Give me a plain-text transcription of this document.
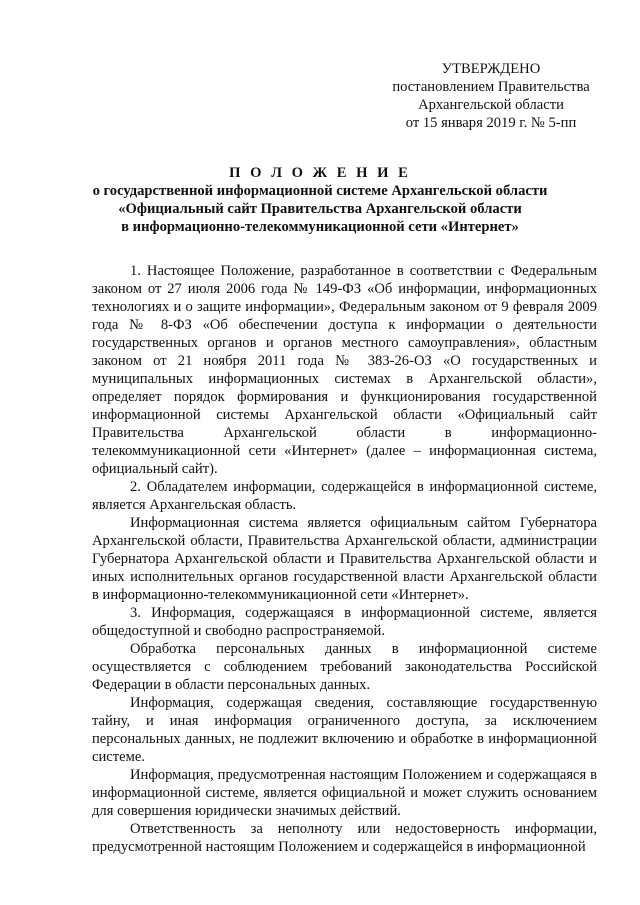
УТВЕРЖДЕНО
постановлением Правительства
Архангельской области
от 15 января 2019 г. № 5-пп
П О Л О Ж Е Н И Е
о государственной информационной системе Архангельской области
«Официальный сайт Правительства Архангельской области
в информационно-телекоммуникационной сети «Интернет»

1. Настоящее Положение, разработанное в соответствии с Федеральным законом от 27 июля 2006 года № 149-ФЗ «Об информации, информационных технологиях и о защите информации», Федеральным законом от 9 февраля 2009 года № 8-ФЗ «Об обеспечении доступа к информации о деятельности государственных органов и органов местного самоуправления», областным законом от 21 ноября 2011 года № 383-26-ОЗ «О государственных и муниципальных информационных системах в Архангельской области», определяет порядок формирования и функционирования государственной информационной системы Архангельской области «Официальный сайт Правительства Архангельской области в информационно-телекоммуникационной сети «Интернет» (далее – информационная система, официальный сайт).

2. Обладателем информации, содержащейся в информационной системе, является Архангельская область.

Информационная система является официальным сайтом Губернатора Архангельской области, Правительства Архангельской области, администрации Губернатора Архангельской области и Правительства Архангельской области и иных исполнительных органов государственной власти Архангельской области в информационно-телекоммуникационной сети «Интернет».

3. Информация, содержащаяся в информационной системе, является общедоступной и свободно распространяемой.

Обработка персональных данных в информационной системе осуществляется с соблюдением требований законодательства Российской Федерации в области персональных данных.

Информация, содержащая сведения, составляющие государственную тайну, и иная информация ограниченного доступа, за исключением персональных данных, не подлежит включению и обработке в информационной системе.

Информация, предусмотренная настоящим Положением и содержащаяся в информационной системе, является официальной и может служить основанием для совершения юридически значимых действий.

Ответственность за неполноту или недостоверность информации, предусмотренной настоящим Положением и содержащейся в информационной
